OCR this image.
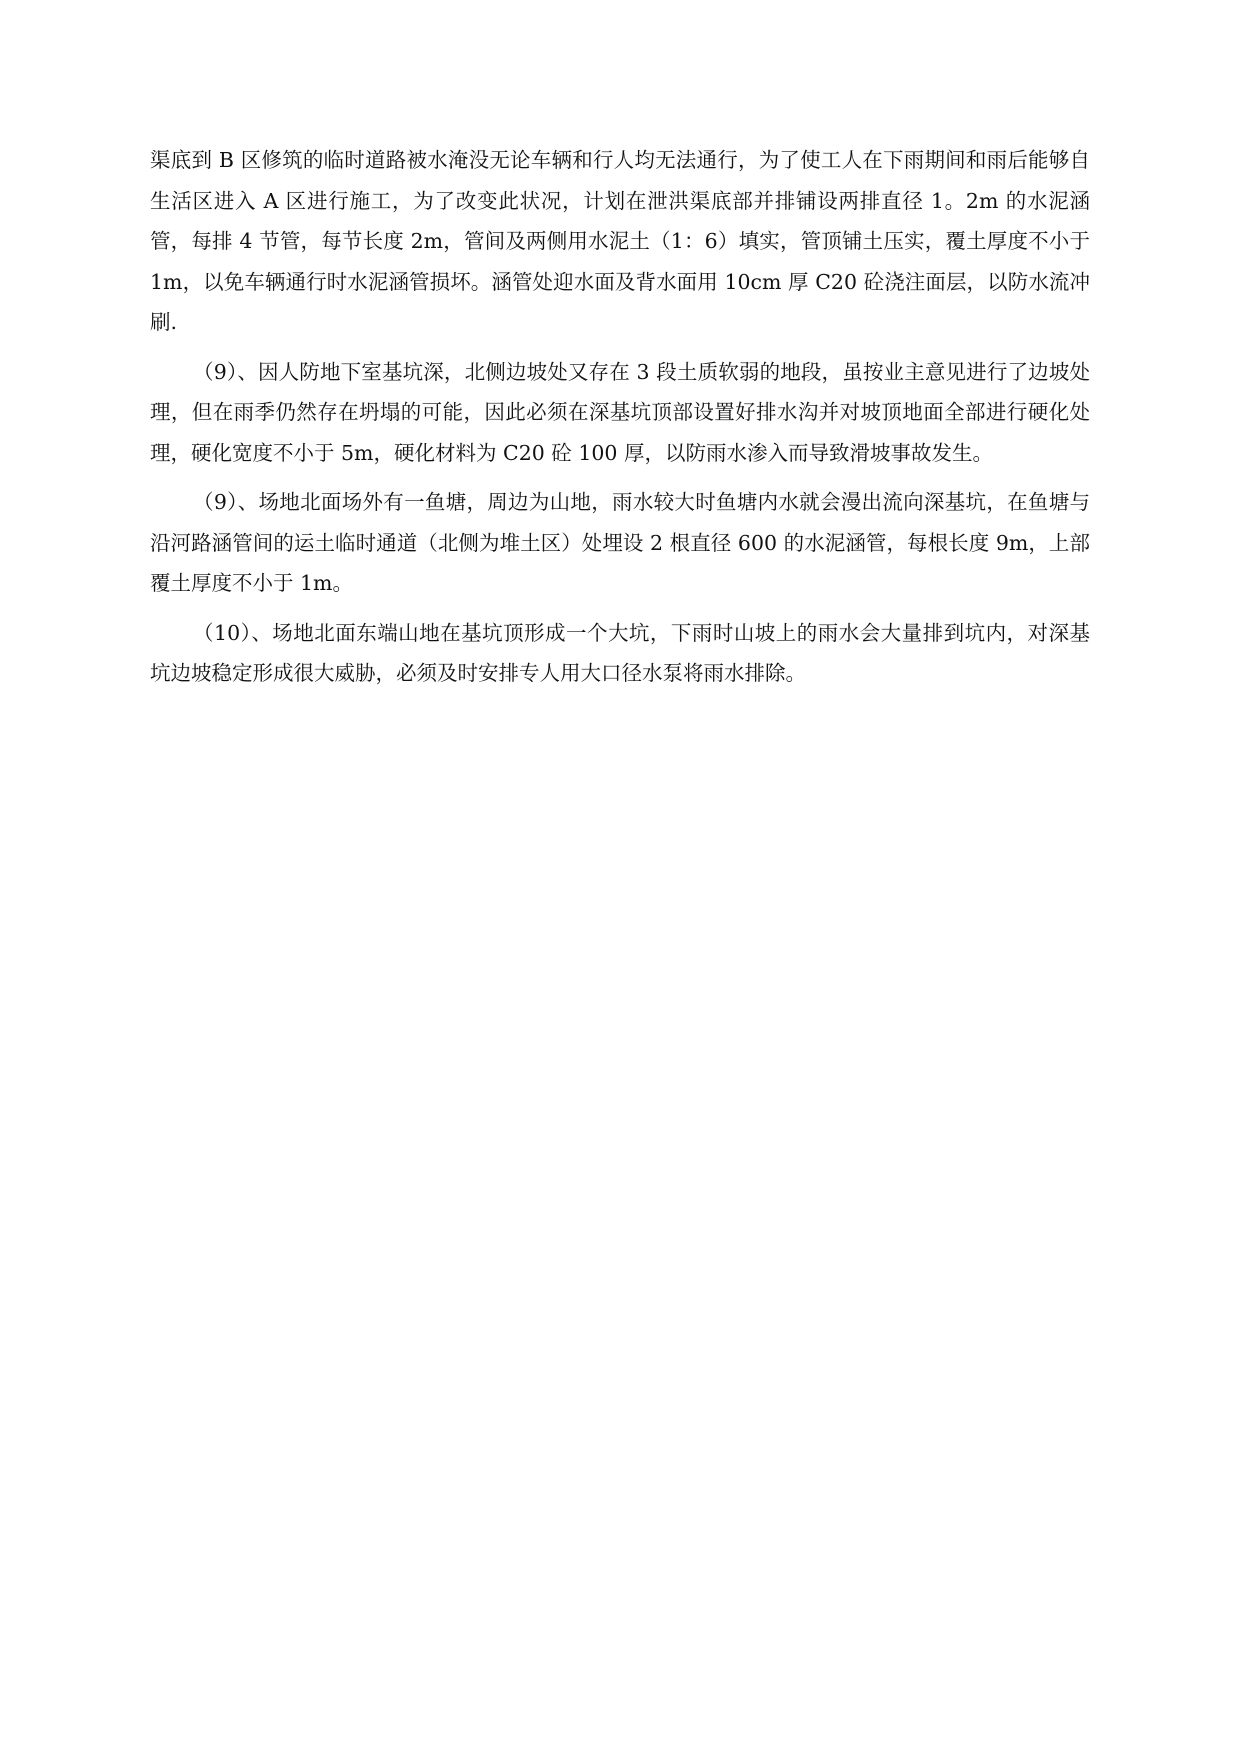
渠底到 B 区修筑的临时道路被水淹没无论车辆和行人均无法通行，为了使工人在下雨期间和雨后能够自生活区进入 A 区进行施工，为了改变此状况，计划在泄洪渠底部并排铺设两排直径 1。2m 的水泥涵管，每排 4 节管，每节长度 2m，管间及两侧用水泥土（1：6）填实，管顶铺土压实，覆土厚度不小于 1m，以免车辆通行时水泥涵管损坏。涵管处迎水面及背水面用 10cm 厚 C20 砼浇注面层，以防水流冲刷.

（9）、因人防地下室基坑深，北侧边坡处又存在 3 段土质软弱的地段，虽按业主意见进行了边坡处理，但在雨季仍然存在坍塌的可能，因此必须在深基坑顶部设置好排水沟并对坡顶地面全部进行硬化处理，硬化宽度不小于 5m，硬化材料为 C20 砼 100 厚，以防雨水渗入而导致滑坡事故发生。

（9）、场地北面场外有一鱼塘，周边为山地，雨水较大时鱼塘内水就会漫出流向深基坑，在鱼塘与沿河路涵管间的运土临时通道（北侧为堆土区）处埋设 2 根直径 600 的水泥涵管，每根长度 9m，上部覆土厚度不小于 1m。

（10）、场地北面东端山地在基坑顶形成一个大坑，下雨时山坡上的雨水会大量排到坑内，对深基坑边坡稳定形成很大威胁，必须及时安排专人用大口径水泵将雨水排除。
